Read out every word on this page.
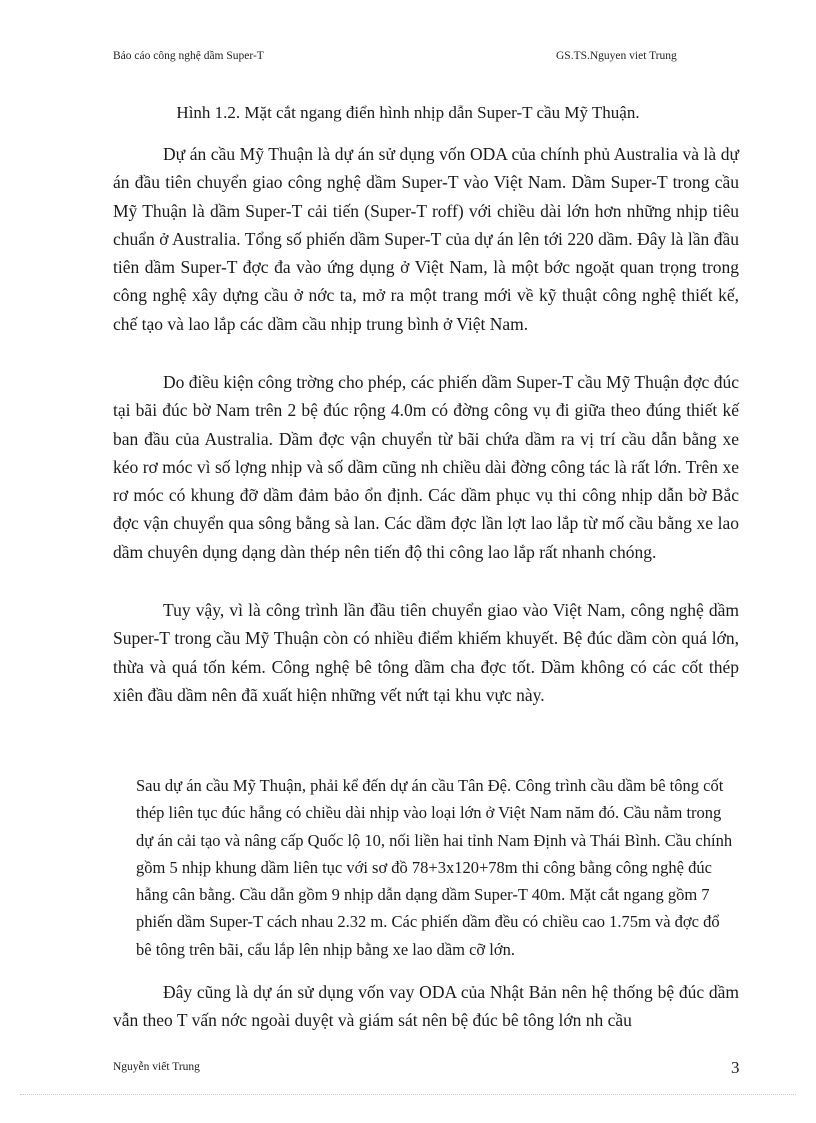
Báo cáo công nghệ dầm Super-T	GS.TS.Nguyen viet Trung
Hình 1.2. Mặt cắt ngang điển hình nhịp dẫn Super-T cầu Mỹ Thuận.

Dự án cầu Mỹ Thuận là dự án sử dụng vốn ODA của chính phủ Australia và là dự án đầu tiên chuyển giao công nghệ dầm Super-T vào Việt Nam. Dầm Super-T trong cầu Mỹ Thuận là dầm Super-T cải tiến (Super-T roff) với chiều dài lớn hơn những nhịp tiêu chuẩn ở Australia. Tổng số phiến dầm Super-T của dự án lên tới 220 dầm. Đây là lần đầu tiên dầm Super-T đợc đa vào ứng dụng ở Việt Nam, là một bớc ngoặt quan trọng trong công nghệ xây dựng cầu ở nớc ta, mở ra một trang mới về kỹ thuật công nghệ thiết kế, chế tạo và lao lắp các dầm cầu nhịp trung bình ở Việt Nam.

Do điều kiện công trờng cho phép, các phiến dầm Super-T cầu Mỹ Thuận đợc đúc tại bãi đúc bờ Nam trên 2 bệ đúc rộng 4.0m có đờng công vụ đi giữa theo đúng thiết kế ban đầu của Australia. Dầm đợc vận chuyển từ bãi chứa dầm ra vị trí cầu dẫn bằng xe kéo rơ móc vì số lợng nhịp và số dầm cũng nh chiều dài đờng công tác là rất lớn. Trên xe rơ móc có khung đỡ dầm đảm bảo ổn định. Các dầm phục vụ thi công nhịp dẫn bờ Bắc đợc vận chuyển qua sông bằng sà lan. Các dầm đợc lần lợt lao lắp từ mố cầu bằng xe lao dầm chuyên dụng dạng dàn thép nên tiến độ thi công lao lắp rất nhanh chóng.

Tuy vậy, vì là công trình lần đầu tiên chuyển giao vào Việt Nam, công nghệ dầm Super-T trong cầu Mỹ Thuận còn có nhiều điểm khiếm khuyết. Bệ đúc dầm còn quá lớn, thừa và quá tốn kém. Công nghệ bê tông dầm cha đợc tốt. Dầm không có các cốt thép xiên đầu dầm nên đã xuất hiện những vết nứt tại khu vực này.

Sau dự án cầu Mỹ Thuận, phải kể đến dự án cầu Tân Đệ. Công trình cầu dầm bê tông cốt thép liên tục đúc hẫng có chiều dài nhịp vào loại lớn ở Việt Nam năm đó. Cầu nằm trong dự án cải tạo và nâng cấp Quốc lộ 10, nối liền hai tỉnh Nam Định và Thái Bình. Cầu chính gồm 5 nhịp khung dầm liên tục với sơ đồ 78+3x120+78m thi công bằng công nghệ đúc hẫng cân bằng. Cầu dẫn gồm 9 nhịp dẫn dạng dầm Super-T 40m. Mặt cắt ngang gồm 7 phiến dầm Super-T cách nhau 2.32 m. Các phiến dầm đều có chiều cao 1.75m và đợc đổ bê tông trên bãi, cẩu lắp lên nhịp bằng xe lao dầm cỡ lớn.

Đây cũng là dự án sử dụng vốn vay ODA của Nhật Bản nên hệ thống bệ đúc dầm vẫn theo T vấn nớc ngoài duyệt và giám sát nên bệ đúc bê tông lớn nh cầu

Nguyễn viết Trung	3
